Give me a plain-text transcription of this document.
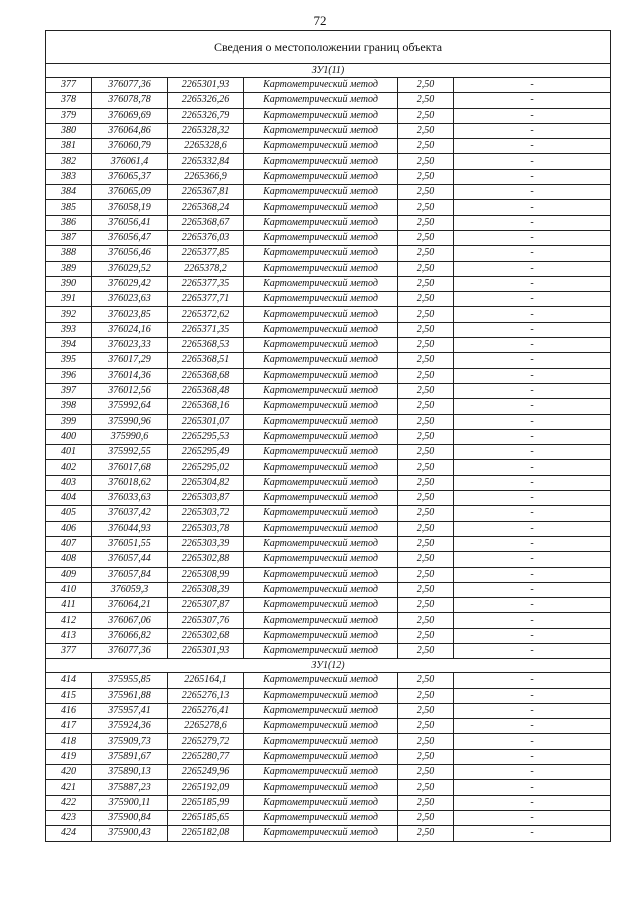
72
Сведения о местоположении границ объекта					
ЗУ1(11)					
377	376077,36	2265301,93	Картометрический метод	2,50	-
378	376078,78	2265326,26	Картометрический метод	2,50	-
379	376069,69	2265326,79	Картометрический метод	2,50	-
380	376064,86	2265328,32	Картометрический метод	2,50	-
381	376060,79	2265328,6	Картометрический метод	2,50	-
382	376061,4	2265332,84	Картометрический метод	2,50	-
383	376065,37	2265366,9	Картометрический метод	2,50	-
384	376065,09	2265367,81	Картометрический метод	2,50	-
385	376058,19	2265368,24	Картометрический метод	2,50	-
386	376056,41	2265368,67	Картометрический метод	2,50	-
387	376056,47	2265376,03	Картометрический метод	2,50	-
388	376056,46	2265377,85	Картометрический метод	2,50	-
389	376029,52	2265378,2	Картометрический метод	2,50	-
390	376029,42	2265377,35	Картометрический метод	2,50	-
391	376023,63	2265377,71	Картометрический метод	2,50	-
392	376023,85	2265372,62	Картометрический метод	2,50	-
393	376024,16	2265371,35	Картометрический метод	2,50	-
394	376023,33	2265368,53	Картометрический метод	2,50	-
395	376017,29	2265368,51	Картометрический метод	2,50	-
396	376014,36	2265368,68	Картометрический метод	2,50	-
397	376012,56	2265368,48	Картометрический метод	2,50	-
398	375992,64	2265368,16	Картометрический метод	2,50	-
399	375990,96	2265301,07	Картометрический метод	2,50	-
400	375990,6	2265295,53	Картометрический метод	2,50	-
401	375992,55	2265295,49	Картометрический метод	2,50	-
402	376017,68	2265295,02	Картометрический метод	2,50	-
403	376018,62	2265304,82	Картометрический метод	2,50	-
404	376033,63	2265303,87	Картометрический метод	2,50	-
405	376037,42	2265303,72	Картометрический метод	2,50	-
406	376044,93	2265303,78	Картометрический метод	2,50	-
407	376051,55	2265303,39	Картометрический метод	2,50	-
408	376057,44	2265302,88	Картометрический метод	2,50	-
409	376057,84	2265308,99	Картометрический метод	2,50	-
410	376059,3	2265308,39	Картометрический метод	2,50	-
411	376064,21	2265307,87	Картометрический метод	2,50	-
412	376067,06	2265307,76	Картометрический метод	2,50	-
413	376066,82	2265302,68	Картометрический метод	2,50	-
377	376077,36	2265301,93	Картометрический метод	2,50	-
ЗУ1(12)					
414	375955,85	2265164,1	Картометрический метод	2,50	-
415	375961,88	2265276,13	Картометрический метод	2,50	-
416	375957,41	2265276,41	Картометрический метод	2,50	-
417	375924,36	2265278,6	Картометрический метод	2,50	-
418	375909,73	2265279,72	Картометрический метод	2,50	-
419	375891,67	2265280,77	Картометрический метод	2,50	-
420	375890,13	2265249,96	Картометрический метод	2,50	-
421	375887,23	2265192,09	Картометрический метод	2,50	-
422	375900,11	2265185,99	Картометрический метод	2,50	-
423	375900,84	2265185,65	Картометрический метод	2,50	-
424	375900,43	2265182,08	Картометрический метод	2,50	-
